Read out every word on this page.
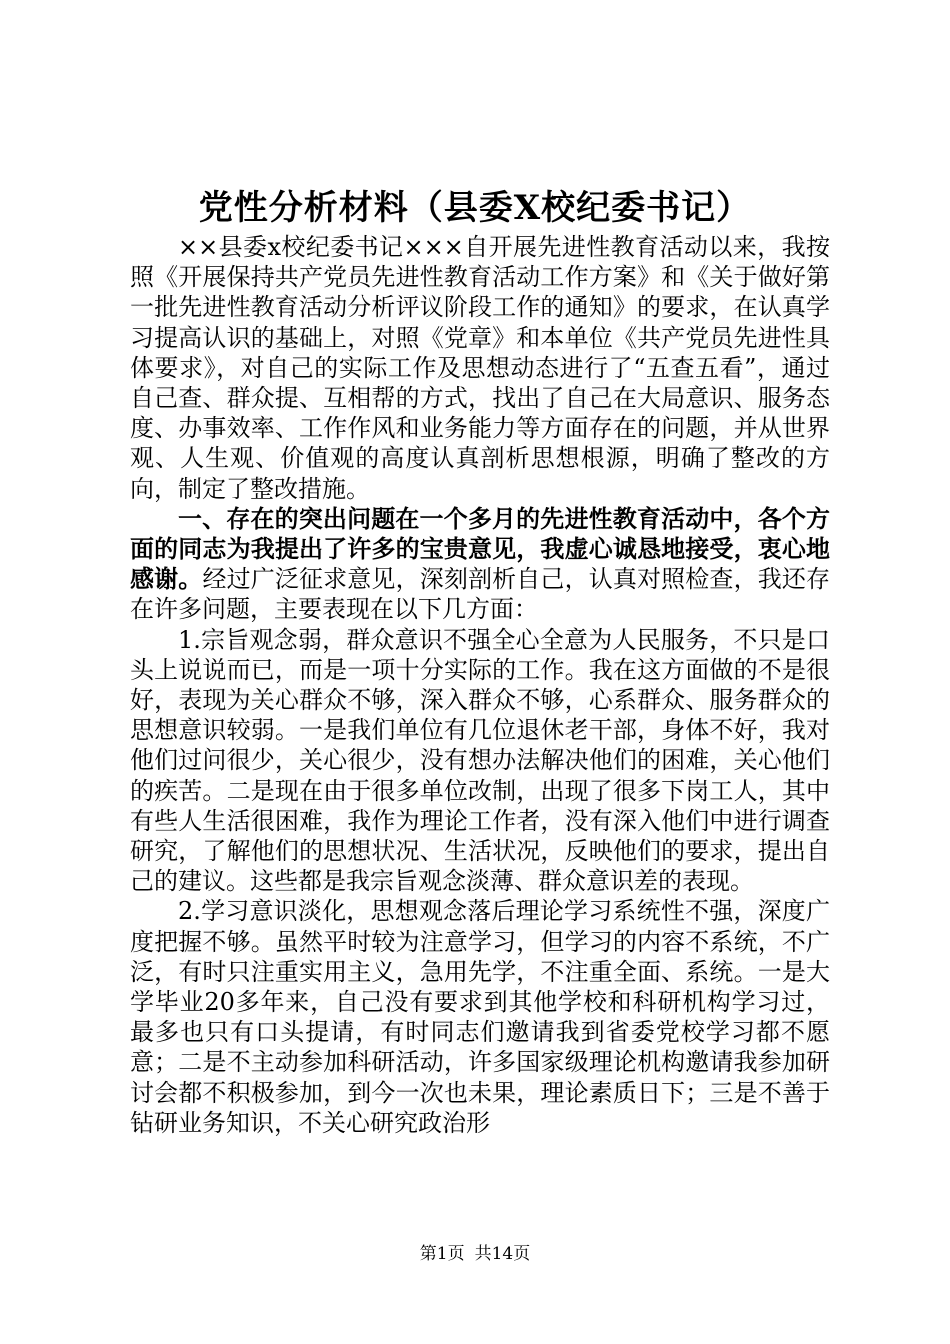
党性分析材料（县委X校纪委书记）

××县委x校纪委书记×××自开展先进性教育活动以来，我按照《开展保持共产党员先进性教育活动工作方案》和《关于做好第一批先进性教育活动分析评议阶段工作的通知》的要求，在认真学习提高认识的基础上，对照《党章》和本单位《共产党员先进性具体要求》，对自己的实际工作及思想动态进行了“五查五看”，通过自己查、群众提、互相帮的方式，找出了自己在大局意识、服务态度、办事效率、工作作风和业务能力等方面存在的问题，并从世界观、人生观、价值观的高度认真剖析思想根源，明确了整改的方向，制定了整改措施。

一、存在的突出问题在一个多月的先进性教育活动中，各个方面的同志为我提出了许多的宝贵意见，我虚心诚恳地接受，衷心地感谢。经过广泛征求意见，深刻剖析自己，认真对照检查，我还存在许多问题，主要表现在以下几方面：

1.宗旨观念弱，群众意识不强全心全意为人民服务，不只是口头上说说而已，而是一项十分实际的工作。我在这方面做的不是很好，表现为关心群众不够，深入群众不够，心系群众、服务群众的思想意识较弱。一是我们单位有几位退休老干部，身体不好，我对他们过问很少，关心很少，没有想办法解决他们的困难，关心他们的疾苦。二是现在由于很多单位改制，出现了很多下岗工人，其中有些人生活很困难，我作为理论工作者，没有深入他们中进行调查研究，了解他们的思想状况、生活状况，反映他们的要求，提出自己的建议。这些都是我宗旨观念淡薄、群众意识差的表现。

2.学习意识淡化，思想观念落后理论学习系统性不强，深度广度把握不够。虽然平时较为注意学习，但学习的内容不系统，不广泛，有时只注重实用主义，急用先学，不注重全面、系统。一是大学毕业20多年来，自己没有要求到其他学校和科研机构学习过，最多也只有口头提请，有时同志们邀请我到省委党校学习都不愿意；二是不主动参加科研活动，许多国家级理论机构邀请我参加研讨会都不积极参加，到今一次也未果，理论素质日下；三是不善于钻研业务知识，不关心研究政治形

第1页 共14页
